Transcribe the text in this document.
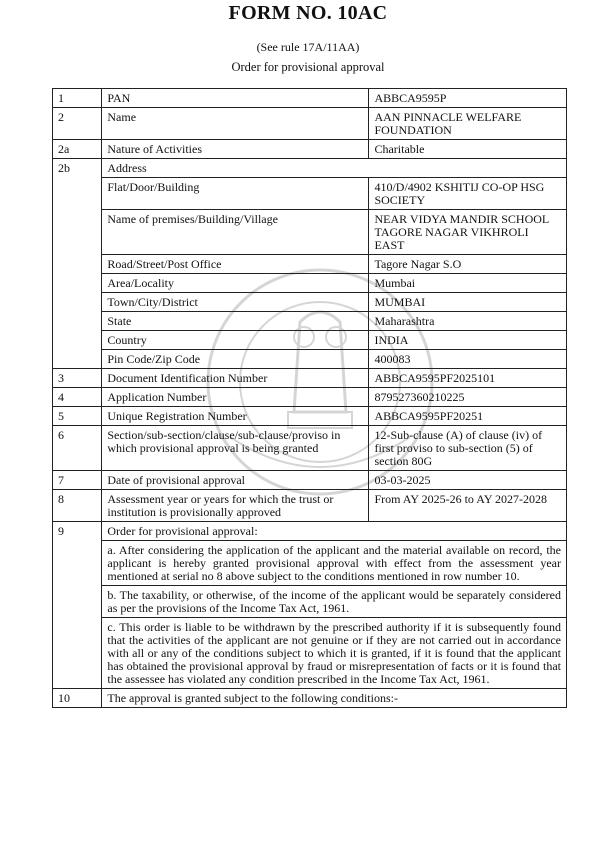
FORM NO. 10AC
(See rule 17A/11AA)
Order for provisional approval
1	PAN	ABBCA9595P
2	Name	AAN PINNACLE WELFARE FOUNDATION
2a	Nature of Activities	Charitable
2b	Address	
	Flat/Door/Building	410/D/4902 KSHITIJ CO-OP HSG SOCIETY
	Name of premises/Building/Village	NEAR VIDYA MANDIR SCHOOL TAGORE NAGAR VIKHROLI EAST
	Road/Street/Post Office	Tagore Nagar S.O
	Area/Locality	Mumbai
	Town/City/District	MUMBAI
	State	Maharashtra
	Country	INDIA
	Pin Code/Zip Code	400083
3	Document Identification Number	ABBCA9595PF2025101
4	Application Number	879527360210225
5	Unique Registration Number	ABBCA9595PF20251
6	Section/sub-section/clause/sub-clause/proviso in which provisional approval is being granted	12-Sub-clause (A) of clause (iv) of first proviso to sub-section (5) of section 80G
7	Date of provisional approval	03-03-2025
8	Assessment year or years for which the trust or institution is provisionally approved	From AY 2025-26 to AY 2027-2028
9	Order for provisional approval:	
	a. After considering the application of the applicant and the material available on record, the applicant is hereby granted provisional approval with effect from the assessment year mentioned at serial no 8 above subject to the conditions mentioned in row number 10.	
	b. The taxability, or otherwise, of the income of the applicant would be separately considered as per the provisions of the Income Tax Act, 1961.	
	c. This order is liable to be withdrawn by the prescribed authority if it is subsequently found that the activities of the applicant are not genuine or if they are not carried out in accordance with all or any of the conditions subject to which it is granted, if it is found that the applicant has obtained the provisional approval by fraud or misrepresentation of facts or it is found that the assessee has violated any condition prescribed in the Income Tax Act, 1961.	
10	The approval is granted subject to the following conditions:-	
